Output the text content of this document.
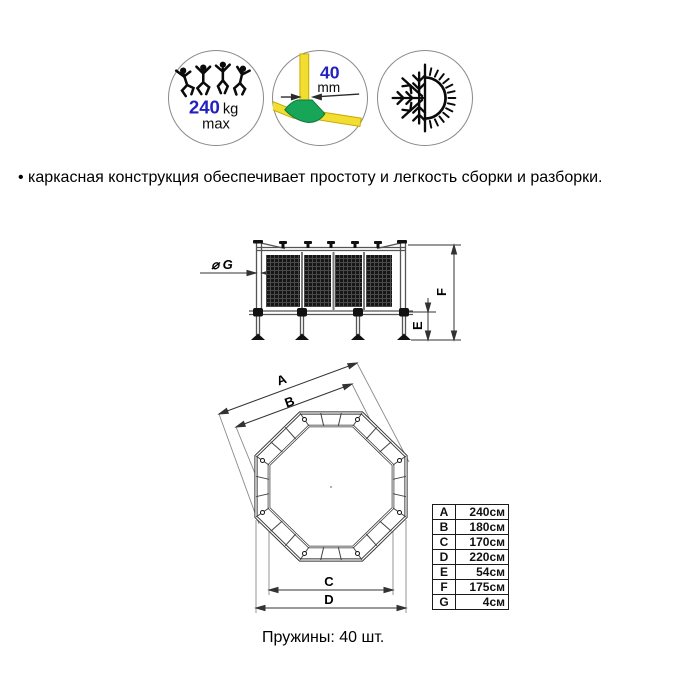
240 kg
max
40
mm
• каркасная конструкция обеспечивает простоту и легкость сборки и разборки.
⌀ G
E
F
A
B
C
D
A	240см
B	180см
C	170см
D	220см
E	54см
F	175см
G	4см
Пружины: 40 шт.
